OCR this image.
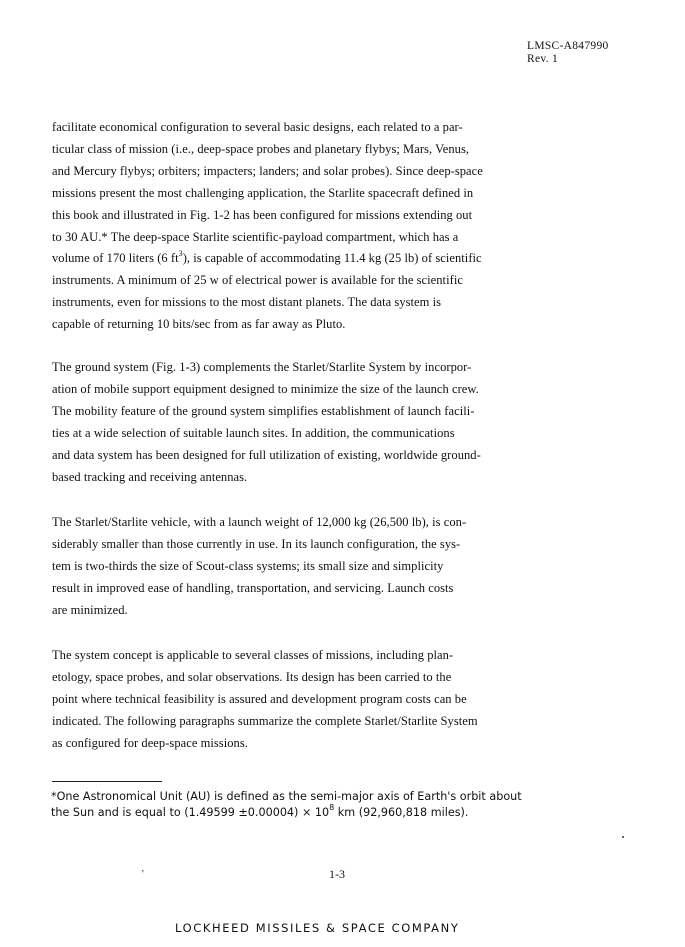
LMSC-A847990
Rev. 1
facilitate economical configuration to several basic designs, each related to a par-
ticular class of mission (i.e., deep-space probes and planetary flybys; Mars, Venus,
and Mercury flybys; orbiters; impacters; landers; and solar probes). Since deep-space
missions present the most challenging application, the Starlite spacecraft defined in
this book and illustrated in Fig. 1-2 has been configured for missions extending out
to 30 AU.* The deep-space Starlite scientific-payload compartment, which has a
volume of 170 liters (6 $ft^3$), is capable of accommodating 11.4 kg (25 lb) of scientific
instruments. A minimum of 25 w of electrical power is available for the scientific
instruments, even for missions to the most distant planets. The data system is
capable of returning 10 bits/sec from as far away as Pluto.
The ground system (Fig. 1-3) complements the Starlet/Starlite System by incorpor-
ation of mobile support equipment designed to minimize the size of the launch crew.
The mobility feature of the ground system simplifies establishment of launch facili-
ties at a wide selection of suitable launch sites. In addition, the communications
and data system has been designed for full utilization of existing, worldwide ground-
based tracking and receiving antennas.
The Starlet/Starlite vehicle, with a launch weight of 12,000 kg (26,500 lb), is con-
siderably smaller than those currently in use. In its launch configuration, the sys-
tem is two-thirds the size of Scout-class systems; its small size and simplicity
result in improved ease of handling, transportation, and servicing. Launch costs
are minimized.
The system concept is applicable to several classes of missions, including plan-
etology, space probes, and solar observations. Its design has been carried to the
point where technical feasibility is assured and development program costs can be
indicated. The following paragraphs summarize the complete Starlet/Starlite System
as configured for deep-space missions.
*One Astronomical Unit (AU) is defined as the semi-major axis of Earth's orbit about
the Sun and is equal to $(1.49599 \pm 0.00004) \times 10^8$ km (92,960,818 miles).
'	1-3
LOCKHEED MISSILES & SPACE COMPANY
